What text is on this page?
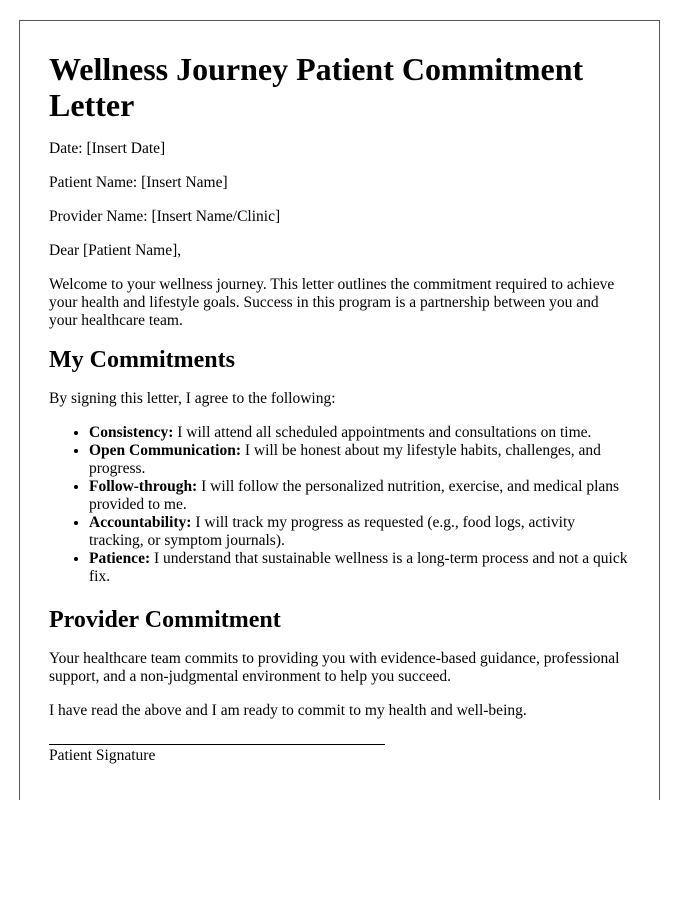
Wellness Journey Patient Commitment Letter

Date: [Insert Date]

Patient Name: [Insert Name]

Provider Name: [Insert Name/Clinic]

Dear [Patient Name],

Welcome to your wellness journey. This letter outlines the commitment required to achieve your health and lifestyle goals. Success in this program is a partnership between you and your healthcare team.

My Commitments

By signing this letter, I agree to the following:

• Consistency: I will attend all scheduled appointments and consultations on time.
• Open Communication: I will be honest about my lifestyle habits, challenges, and progress.
• Follow-through: I will follow the personalized nutrition, exercise, and medical plans provided to me.
• Accountability: I will track my progress as requested (e.g., food logs, activity tracking, or symptom journals).
• Patience: I understand that sustainable wellness is a long-term process and not a quick fix.
Provider Commitment

Your healthcare team commits to providing you with evidence-based guidance, professional support, and a non-judgmental environment to help you succeed.

I have read the above and I am ready to commit to my health and well-being.

Patient Signature
